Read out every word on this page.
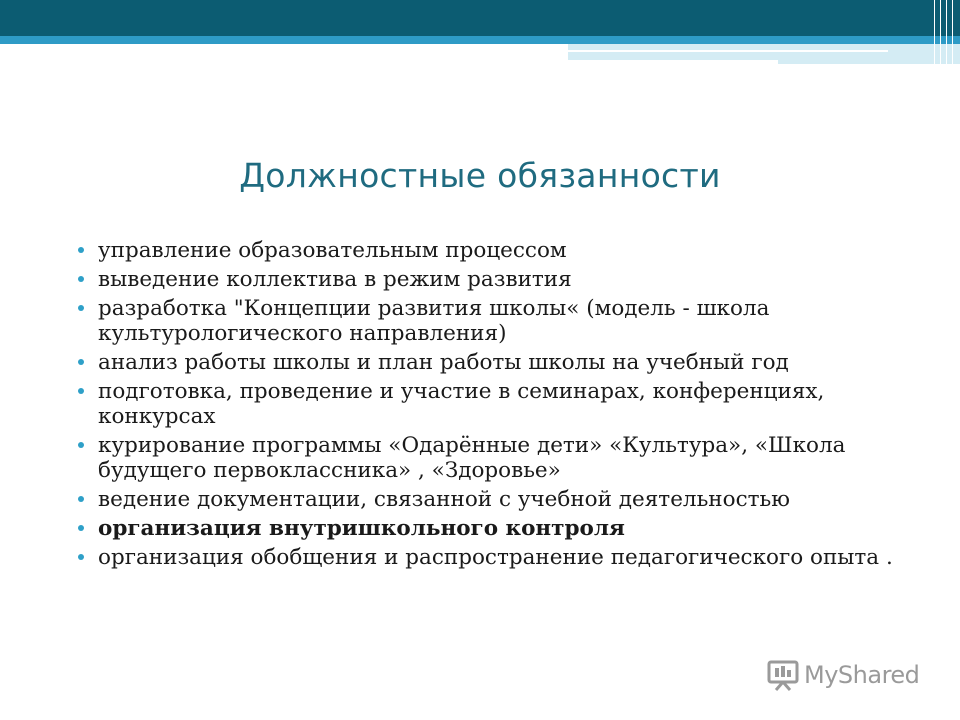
Должностные обязанности
управление образовательным процессом
выведение коллектива в режим развития
разработка "Концепции развития школы« (модель - школа культурологического направления)
анализ работы школы и план работы школы на учебный год
подготовка, проведение и участие в семинарах, конференциях, конкурсах
курирование программы «Одарённые дети» «Культура», «Школа будущего первоклассника» , «Здоровье»
ведение документации, связанной с учебной деятельностью
организация внутришкольного контроля
организация обобщения и распространение педагогического опыта .
MyShared
